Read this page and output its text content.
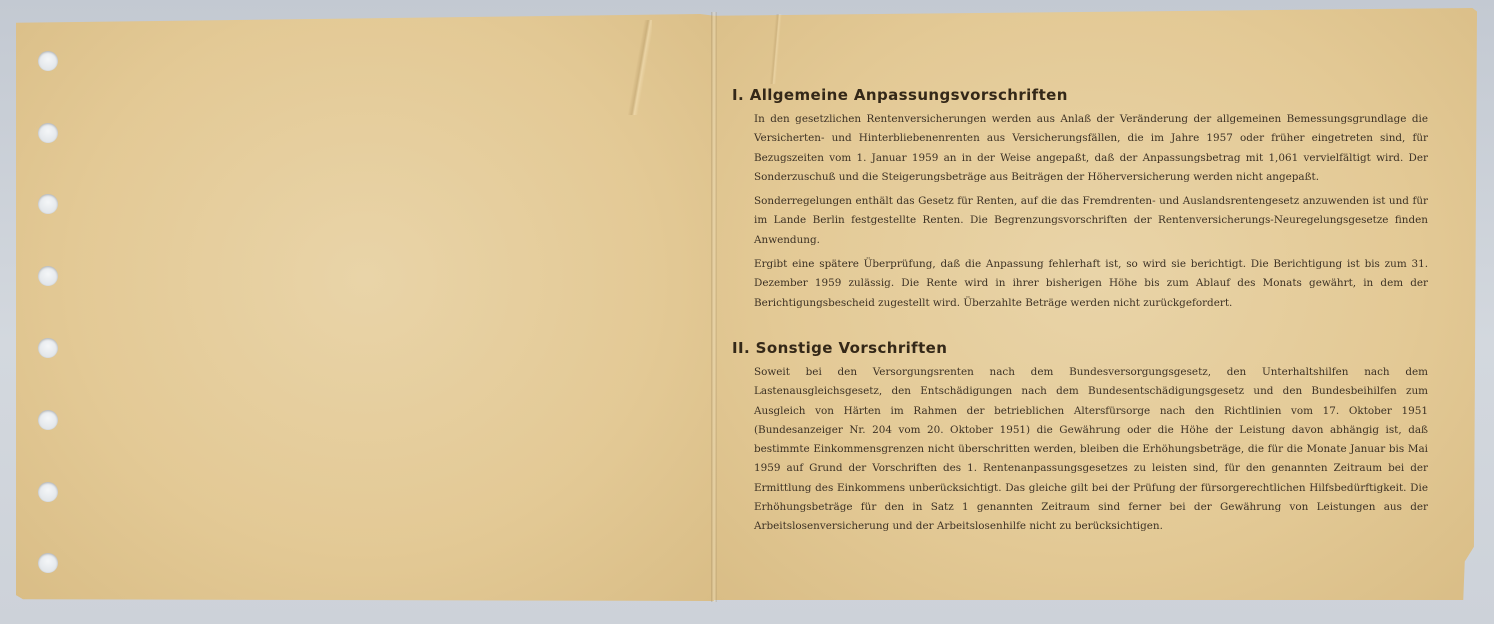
I. Allgemeine Anpassungsvorschriften

In den gesetzlichen Rentenversicherungen werden aus Anlaß der Veränderung der allgemeinen Bemessungsgrundlage die Versicherten- und Hinterbliebenenrenten aus Versicherungsfällen, die im Jahre 1957 oder früher eingetreten sind, für Bezugszeiten vom 1. Januar 1959 an in der Weise angepaßt, daß der Anpassungsbetrag mit 1,061 vervielfältigt wird. Der Sonderzuschuß und die Steigerungsbeträge aus Beiträgen der Höherversicherung werden nicht angepaßt.

Sonderregelungen enthält das Gesetz für Renten, auf die das Fremdrenten- und Auslandsrentengesetz anzuwenden ist und für im Lande Berlin festgestellte Renten. Die Begrenzungsvorschriften der Rentenversicherungs-Neuregelungsgesetze finden Anwendung.

Ergibt eine spätere Überprüfung, daß die Anpassung fehlerhaft ist, so wird sie berichtigt. Die Berichtigung ist bis zum 31. Dezember 1959 zulässig. Die Rente wird in ihrer bisherigen Höhe bis zum Ablauf des Monats gewährt, in dem der Berichtigungsbescheid zugestellt wird. Überzahlte Beträge werden nicht zurückgefordert.

II. Sonstige Vorschriften

Soweit bei den Versorgungsrenten nach dem Bundesversorgungsgesetz, den Unterhaltshilfen nach dem Lastenausgleichsgesetz, den Entschädigungen nach dem Bundesentschädigungsgesetz und den Bundesbeihilfen zum Ausgleich von Härten im Rahmen der betrieblichen Altersfürsorge nach den Richtlinien vom 17. Oktober 1951 (Bundesanzeiger Nr. 204 vom 20. Oktober 1951) die Gewährung oder die Höhe der Leistung davon abhängig ist, daß bestimmte Einkommensgrenzen nicht überschritten werden, bleiben die Erhöhungsbeträge, die für die Monate Januar bis Mai 1959 auf Grund der Vorschriften des 1. Rentenanpassungsgesetzes zu leisten sind, für den genannten Zeitraum bei der Ermittlung des Einkommens unberücksichtigt. Das gleiche gilt bei der Prüfung der fürsorgerechtlichen Hilfsbedürftigkeit. Die Erhöhungsbeträge für den in Satz 1 genannten Zeitraum sind ferner bei der Gewährung von Leistungen aus der Arbeitslosenversicherung und der Arbeitslosenhilfe nicht zu berücksichtigen.
